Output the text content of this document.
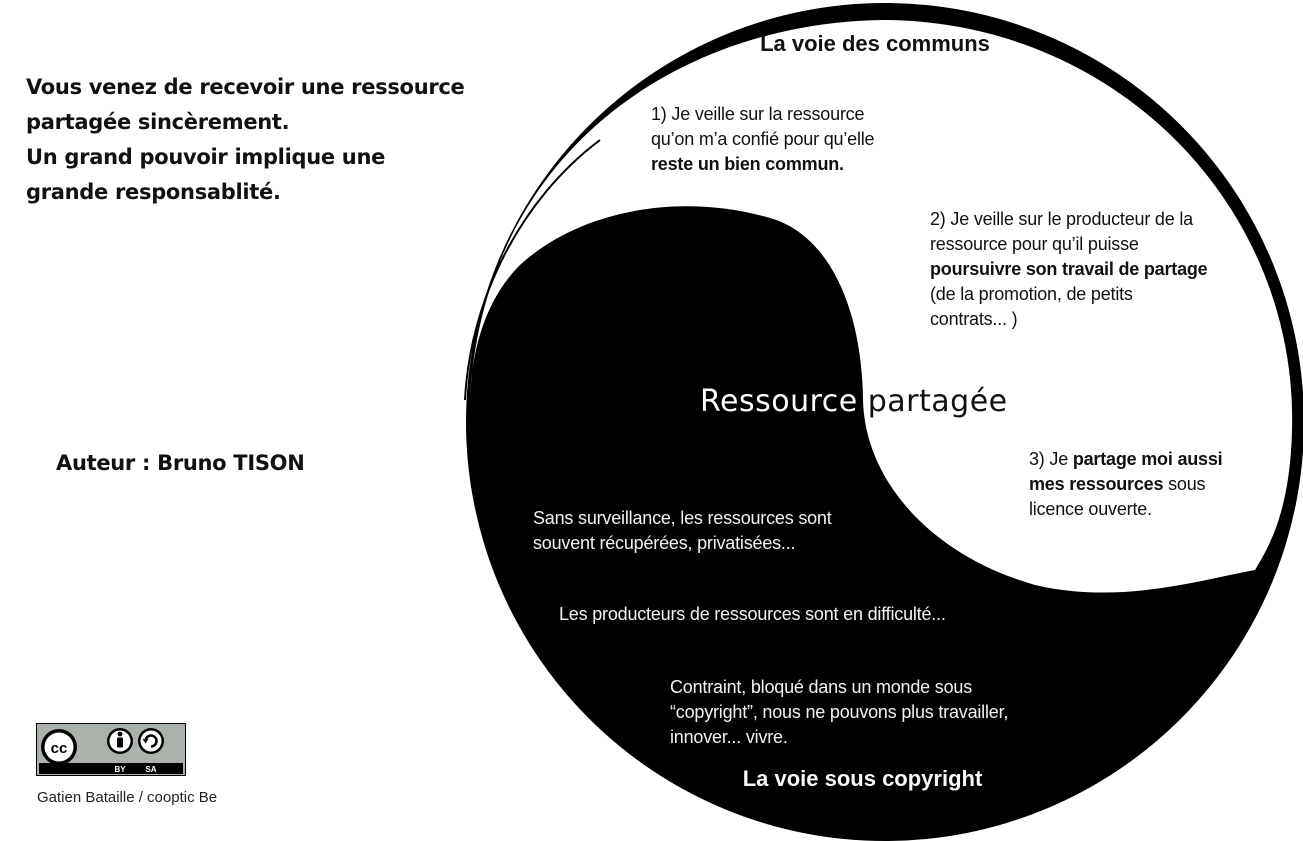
Vous venez de recevoir une ressource
partagée sincèrement.
Un grand pouvoir implique une
grande responsablité.
Auteur : Bruno TISON
cc
BY SA
Gatien Bataille / cooptic Be
La voie des communs
1) Je veille sur la ressource
qu’on m’a confié pour qu’elle
reste un bien commun.
2) Je veille sur le producteur de la
ressource pour qu’il puisse
poursuivre son travail de partage
(de la promotion, de petits
contrats... )
3) Je partage moi aussi
mes ressources sous
licence ouverte.
Ressource partagée
Sans surveillance, les ressources sont
souvent récupérées, privatisées...
Les producteurs de ressources sont en difficulté...
Contraint, bloqué dans un monde sous
“copyright”, nous ne pouvons plus travailler,
innover... vivre.
La voie sous copyright
